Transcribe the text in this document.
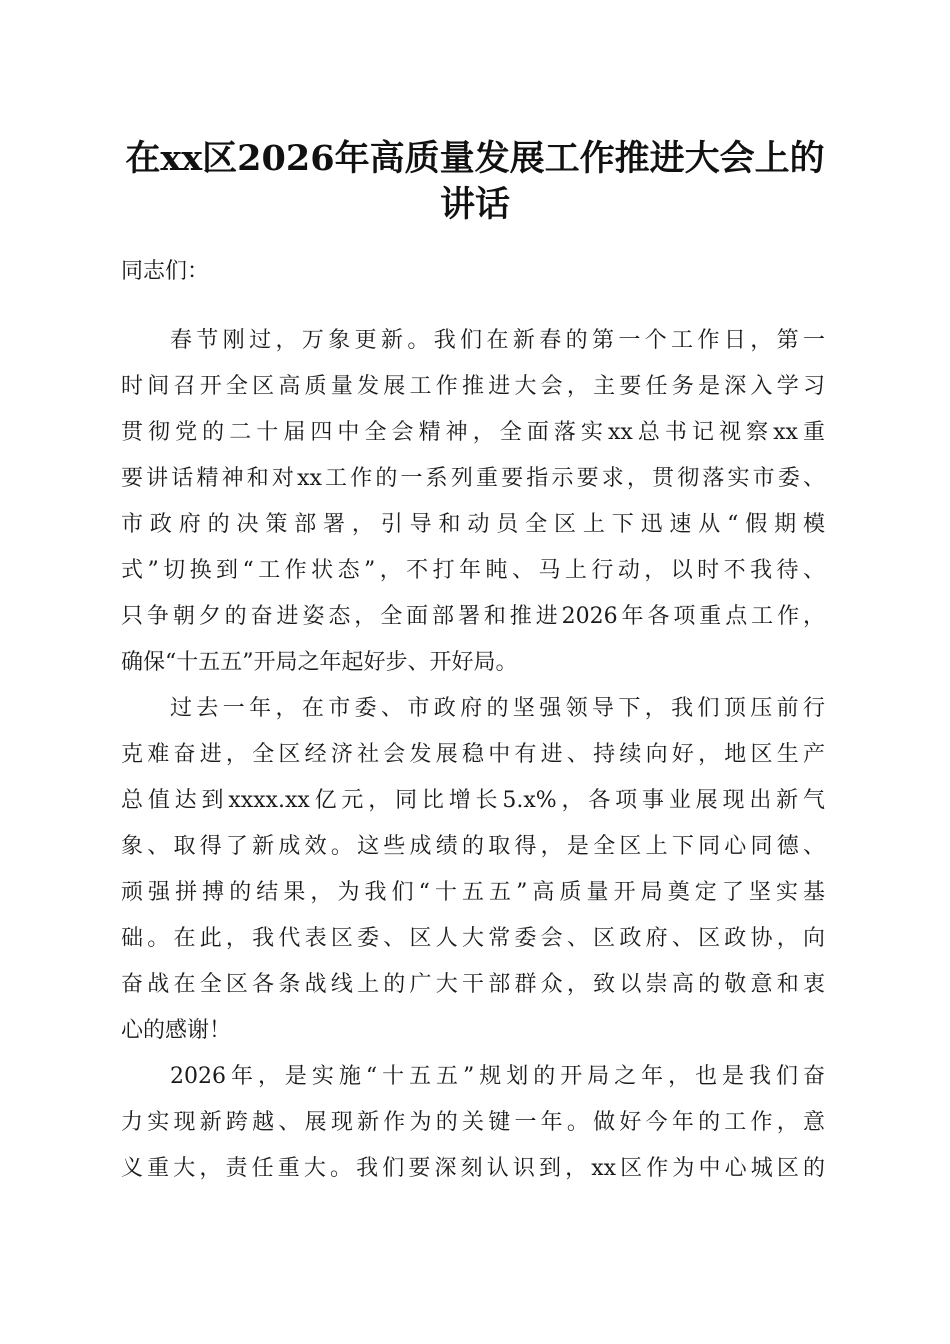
在xx区2026年高质量发展工作推进大会上的
讲话
同志们：
春节刚过，万象更新。我们在新春的第一个工作日，第一
时间召开全区高质量发展工作推进大会，主要任务是深入学习
贯彻党的二十届四中全会精神，全面落实xx总书记视察xx重
要讲话精神和对xx工作的一系列重要指示要求，贯彻落实市委、
市政府的决策部署，引导和动员全区上下迅速从“假期模
式”切换到“工作状态”，不打年盹、马上行动，以时不我待、
只争朝夕的奋进姿态，全面部署和推进2026年各项重点工作，
确保“十五五”开局之年起好步、开好局。
过去一年，在市委、市政府的坚强领导下，我们顶压前行
克难奋进，全区经济社会发展稳中有进、持续向好，地区生产
总值达到xxxx.xx亿元，同比增长5.x%，各项事业展现出新气
象、取得了新成效。这些成绩的取得，是全区上下同心同德、
顽强拼搏的结果，为我们“十五五”高质量开局奠定了坚实基
础。在此，我代表区委、区人大常委会、区政府、区政协，向
奋战在全区各条战线上的广大干部群众，致以崇高的敬意和衷
心的感谢！
2026年，是实施“十五五”规划的开局之年，也是我们奋
力实现新跨越、展现新作为的关键一年。做好今年的工作，意
义重大，责任重大。我们要深刻认识到，xx区作为中心城区的
